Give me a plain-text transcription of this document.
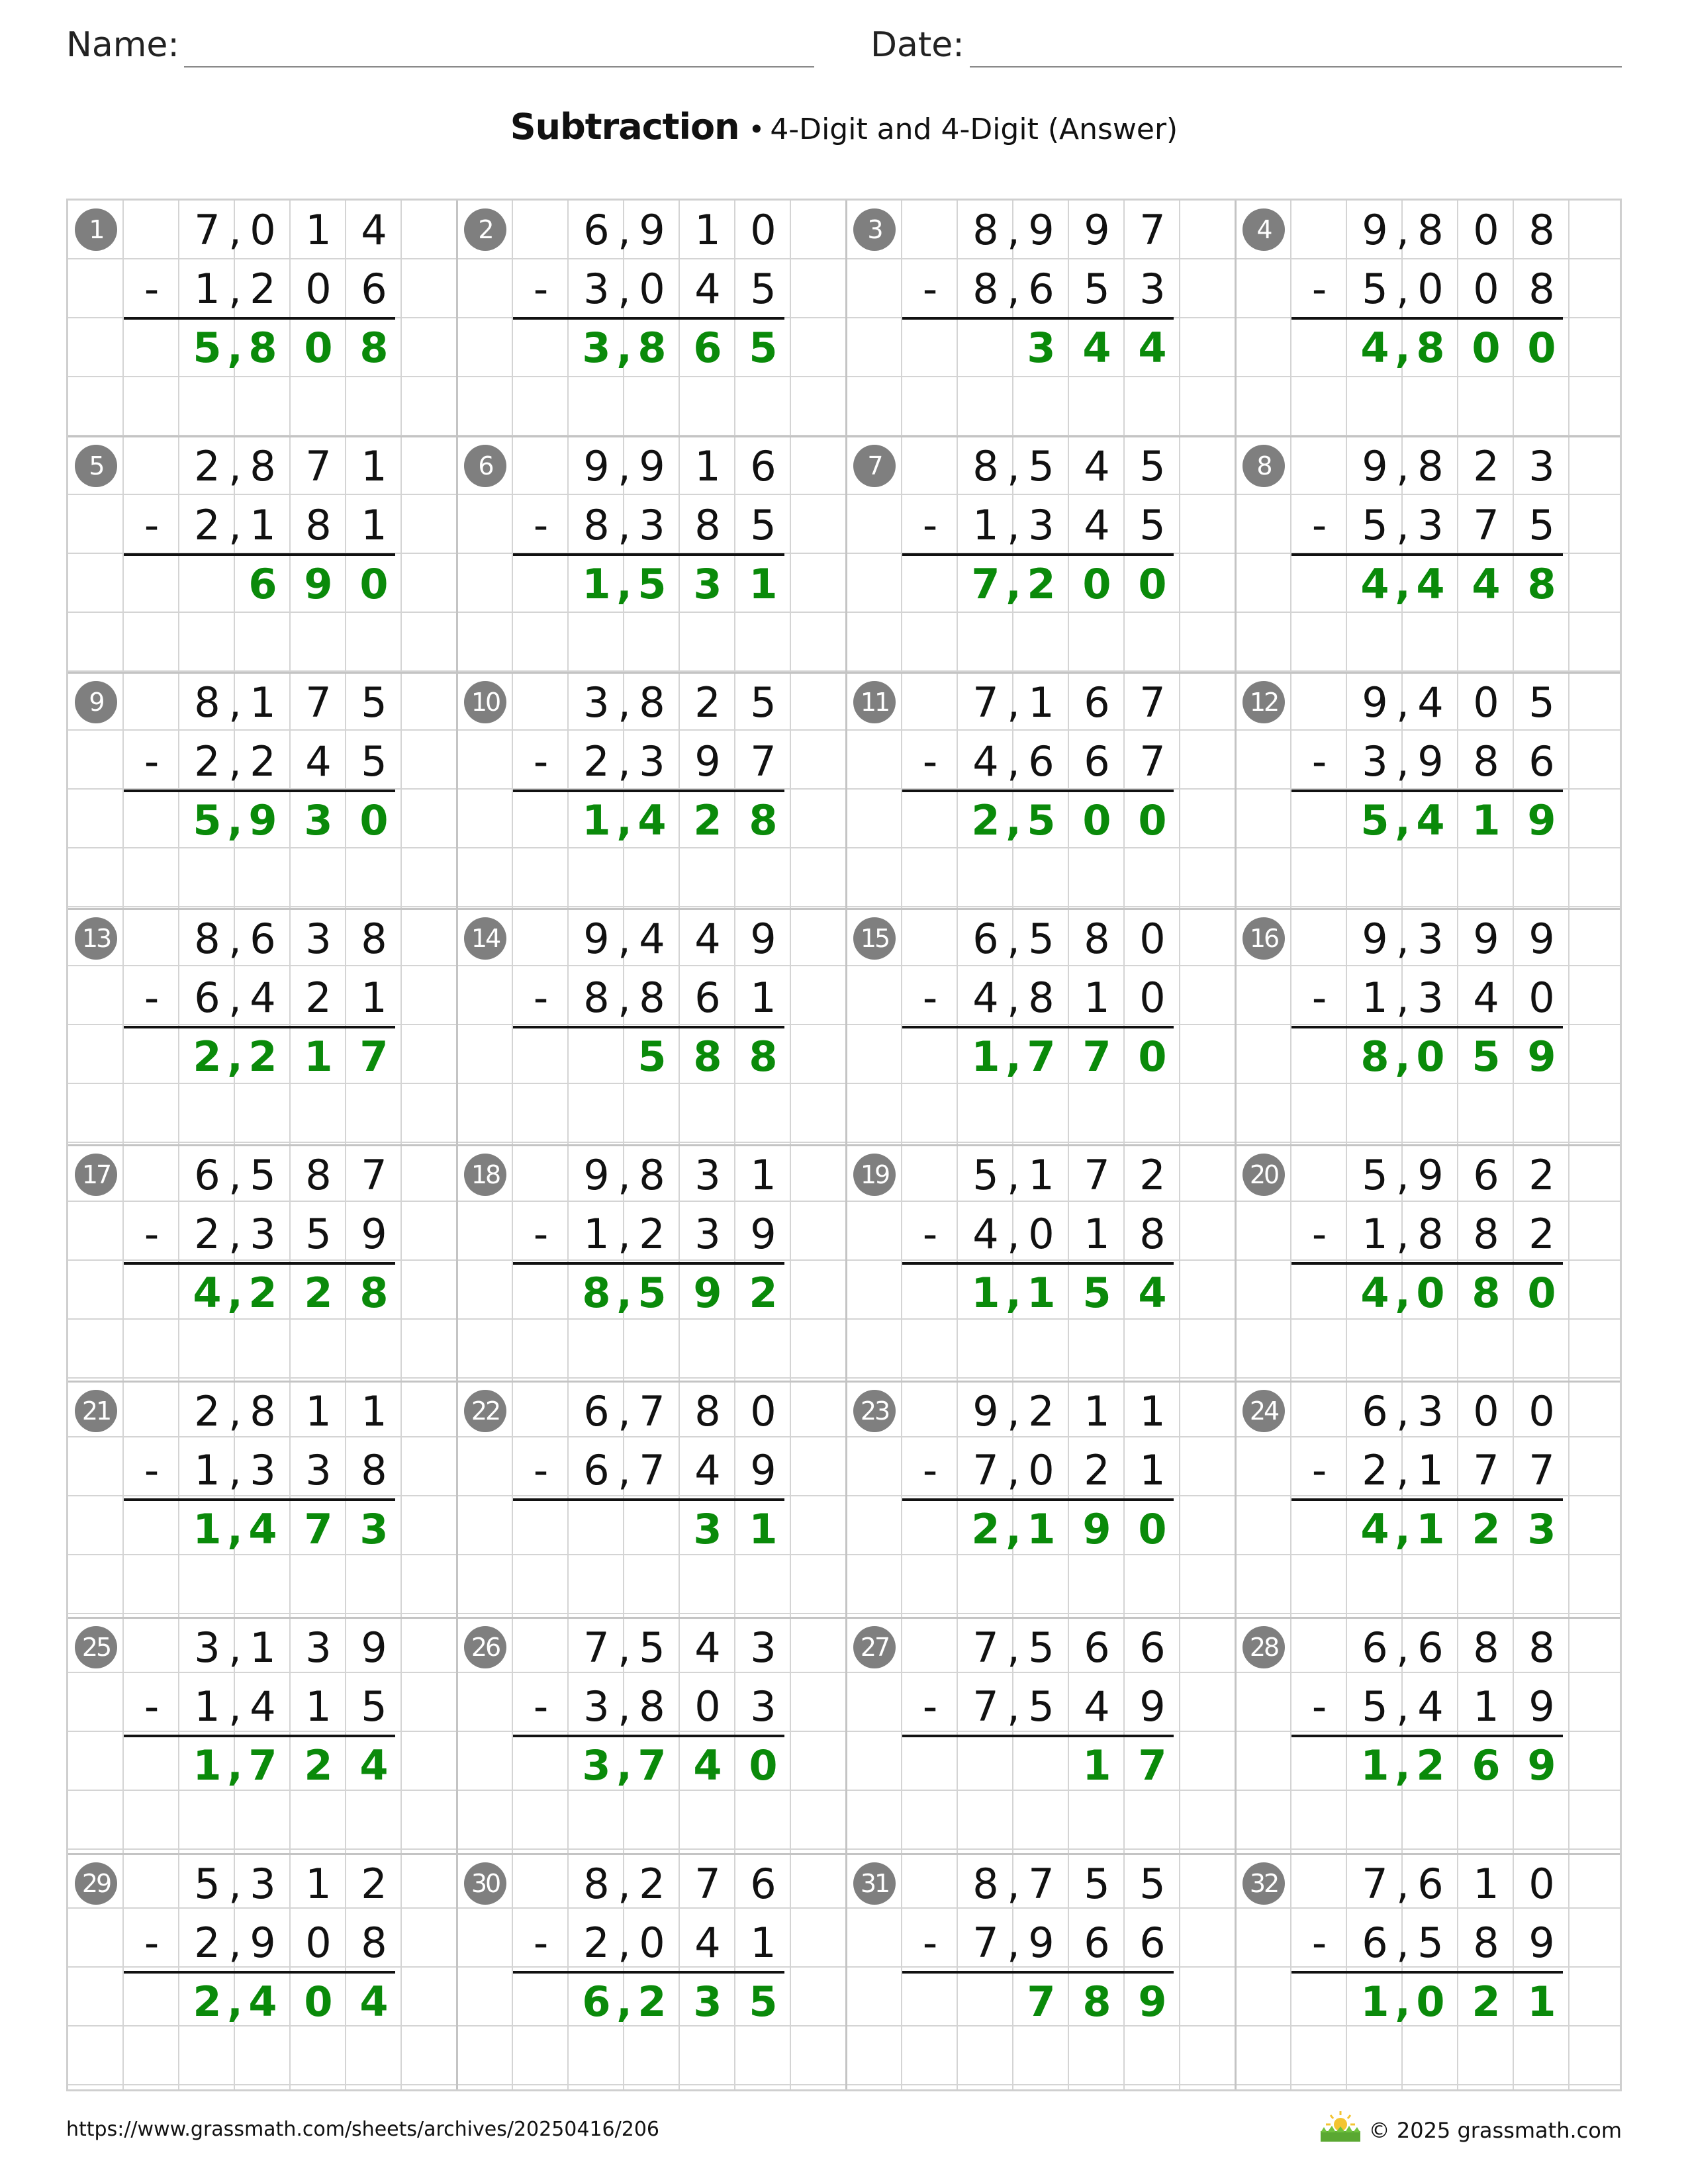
Name:	Date:
Subtraction • 4-Digit and 4-Digit (Answer)
1	7 0 1 4
,
- 1 2 0 6
,
5 8 0 8
,
2	6 9 1 0
,
- 3 0 4 5
,
3 8 6 5
,
3	8 9 9 7
,
- 8 6 5 3
,
3 4 4
4	9 8 0 8
,
- 5 0 0 8
,
4 8 0 0
,
5	2 8 7 1
,
- 2 1 8 1
,
6 9 0
6	9 9 1 6
,
- 8 3 8 5
,
1 5 3 1
,
7	8 5 4 5
,
- 1 3 4 5
,
7 2 0 0
,
8	9 8 2 3
,
- 5 3 7 5
,
4 4 4 8
,
9	8 1 7 5
,
- 2 2 4 5
,
5 9 3 0
,
10	3 8 2 5
,
- 2 3 9 7
,
1 4 2 8
,
11	7 1 6 7
,
- 4 6 6 7
,
2 5 0 0
,
12	9 4 0 5
,
- 3 9 8 6
,
5 4 1 9
,
13	8 6 3 8
,
- 6 4 2 1
,
2 2 1 7
,
14	9 4 4 9
,
- 8 8 6 1
,
5 8 8
15	6 5 8 0
,
- 4 8 1 0
,
1 7 7 0
,
16	9 3 9 9
,
- 1 3 4 0
,
8 0 5 9
,
17	6 5 8 7
,
- 2 3 5 9
,
4 2 2 8
,
18	9 8 3 1
,
- 1 2 3 9
,
8 5 9 2
,
19	5 1 7 2
,
- 4 0 1 8
,
1 1 5 4
,
20	5 9 6 2
,
- 1 8 8 2
,
4 0 8 0
,
21	2 8 1 1
,
- 1 3 3 8
,
1 4 7 3
,
22	6 7 8 0
,
- 6 7 4 9
,
3 1
23	9 2 1 1
,
- 7 0 2 1
,
2 1 9 0
,
24	6 3 0 0
,
- 2 1 7 7
,
4 1 2 3
,
25	3 1 3 9
,
- 1 4 1 5
,
1 7 2 4
,
26	7 5 4 3
,
- 3 8 0 3
,
3 7 4 0
,
27	7 5 6 6
,
- 7 5 4 9
,
1 7
28	6 6 8 8
,
- 5 4 1 9
,
1 2 6 9
,
29	5 3 1 2
,
- 2 9 0 8
,
2 4 0 4
,
30	8 2 7 6
,
- 2 0 4 1
,
6 2 3 5
,
31	8 7 5 5
,
- 7 9 6 6
,
7 8 9
32	7 6 1 0
,
- 6 5 8 9
,
1 0 2 1
,
https://www.grassmath.com/sheets/archives/20250416/206	© 2025 grassmath.com
